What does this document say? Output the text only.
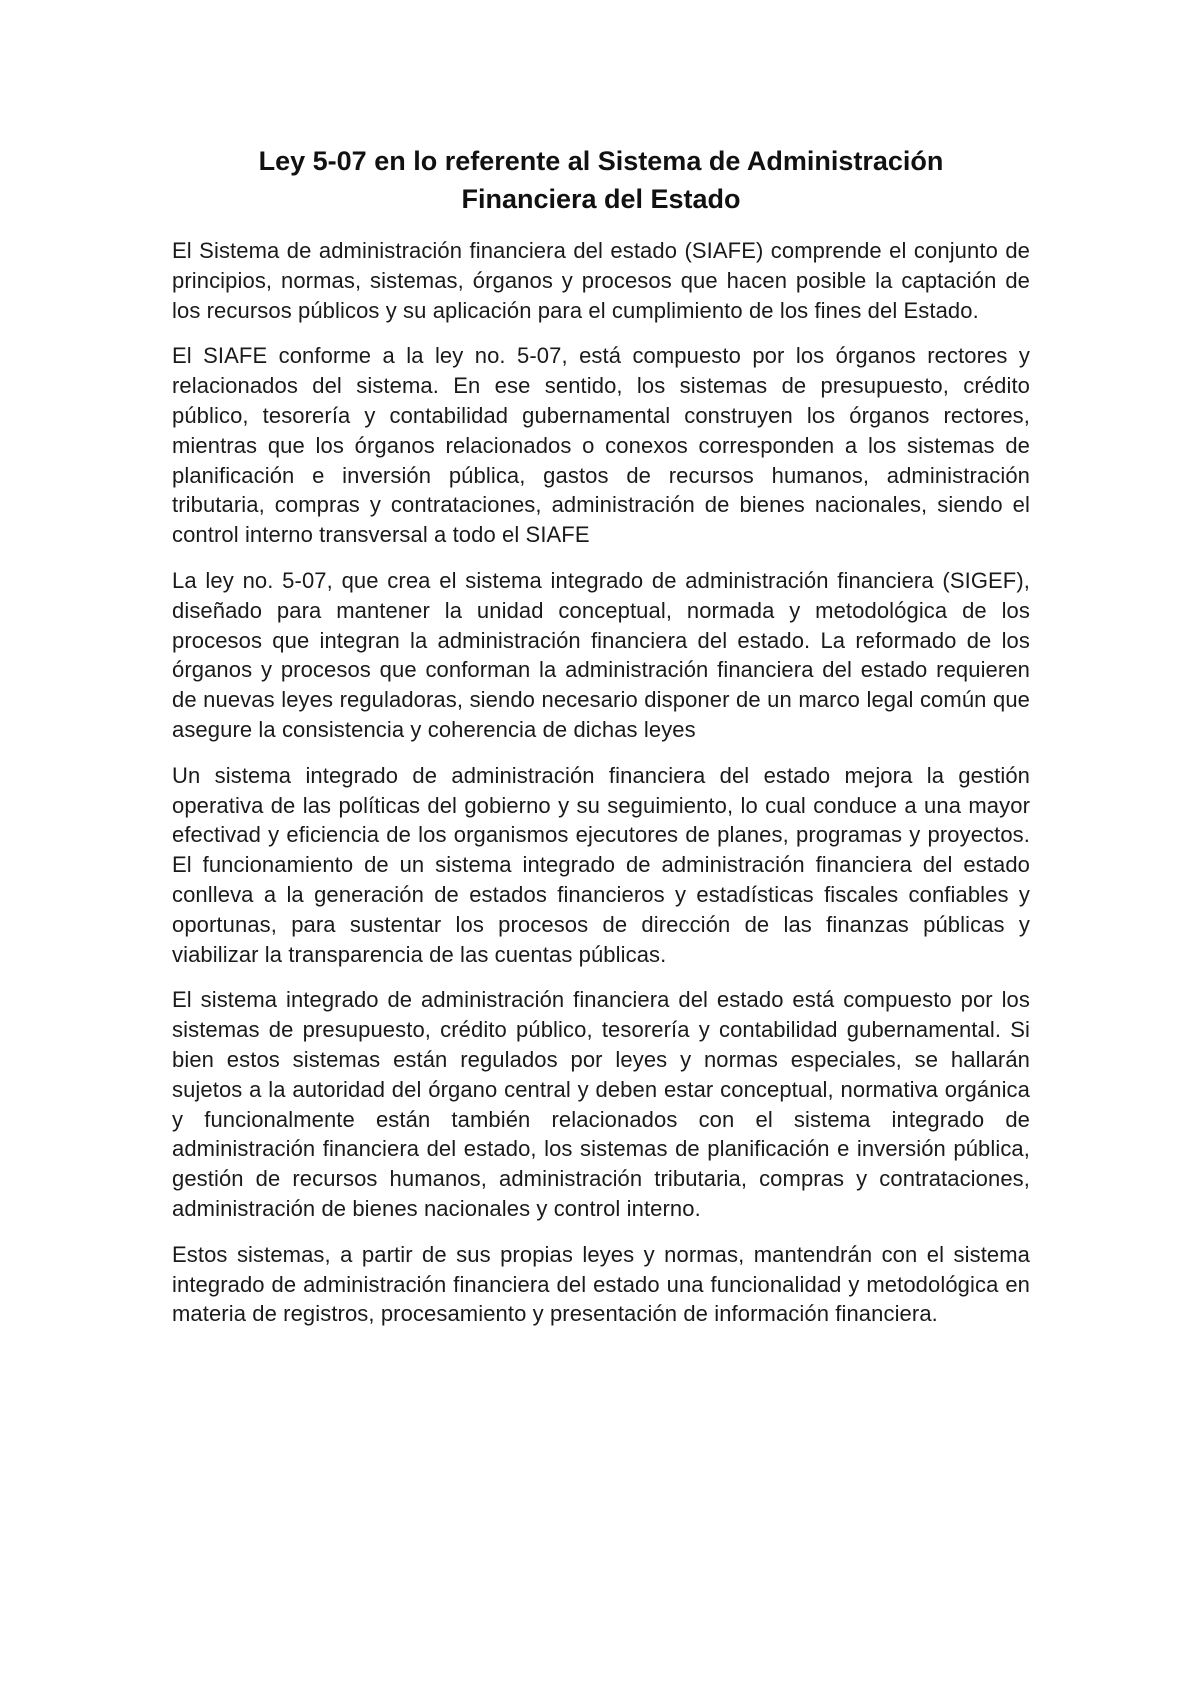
Ley 5-07 en lo referente al Sistema de Administración
Financiera del Estado

El Sistema de administración financiera del estado (SIAFE) comprende el conjunto de principios, normas, sistemas, órganos y procesos que hacen posible la captación de los recursos públicos y su aplicación para el cumplimiento de los fines del Estado.

El SIAFE conforme a la ley no. 5-07, está compuesto por los órganos rectores y relacionados del sistema. En ese sentido, los sistemas de presupuesto, crédito público, tesorería y contabilidad gubernamental construyen los órganos rectores, mientras que los órganos relacionados o conexos corresponden a los sistemas de planificación e inversión pública, gastos de recursos humanos, administración tributaria, compras y contrataciones, administración de bienes nacionales, siendo el control interno transversal a todo el SIAFE

La ley no. 5-07, que crea el sistema integrado de administración financiera (SIGEF), diseñado para mantener la unidad conceptual, normada y metodológica de los procesos que integran la administración financiera del estado. La reformado de los órganos y procesos que conforman la administración financiera del estado requieren de nuevas leyes reguladoras, siendo necesario disponer de un marco legal común que asegure la consistencia y coherencia de dichas leyes

Un sistema integrado de administración financiera del estado mejora la gestión operativa de las políticas del gobierno y su seguimiento, lo cual conduce a una mayor efectivad y eficiencia de los organismos ejecutores de planes, programas y proyectos. El funcionamiento de un sistema integrado de administración financiera del estado conlleva a la generación de estados financieros y estadísticas fiscales confiables y oportunas, para sustentar los procesos de dirección de las finanzas públicas y viabilizar la transparencia de las cuentas públicas.

El sistema integrado de administración financiera del estado está compuesto por los sistemas de presupuesto, crédito público, tesorería y contabilidad gubernamental. Si bien estos sistemas están regulados por leyes y normas especiales, se hallarán sujetos a la autoridad del órgano central y deben estar conceptual, normativa orgánica y funcionalmente están también relacionados con el sistema integrado de administración financiera del estado, los sistemas de planificación e inversión pública, gestión de recursos humanos, administración tributaria, compras y contrataciones, administración de bienes nacionales y control interno.

Estos sistemas, a partir de sus propias leyes y normas, mantendrán con el sistema integrado de administración financiera del estado una funcionalidad y metodológica en materia de registros, procesamiento y presentación de información financiera.
